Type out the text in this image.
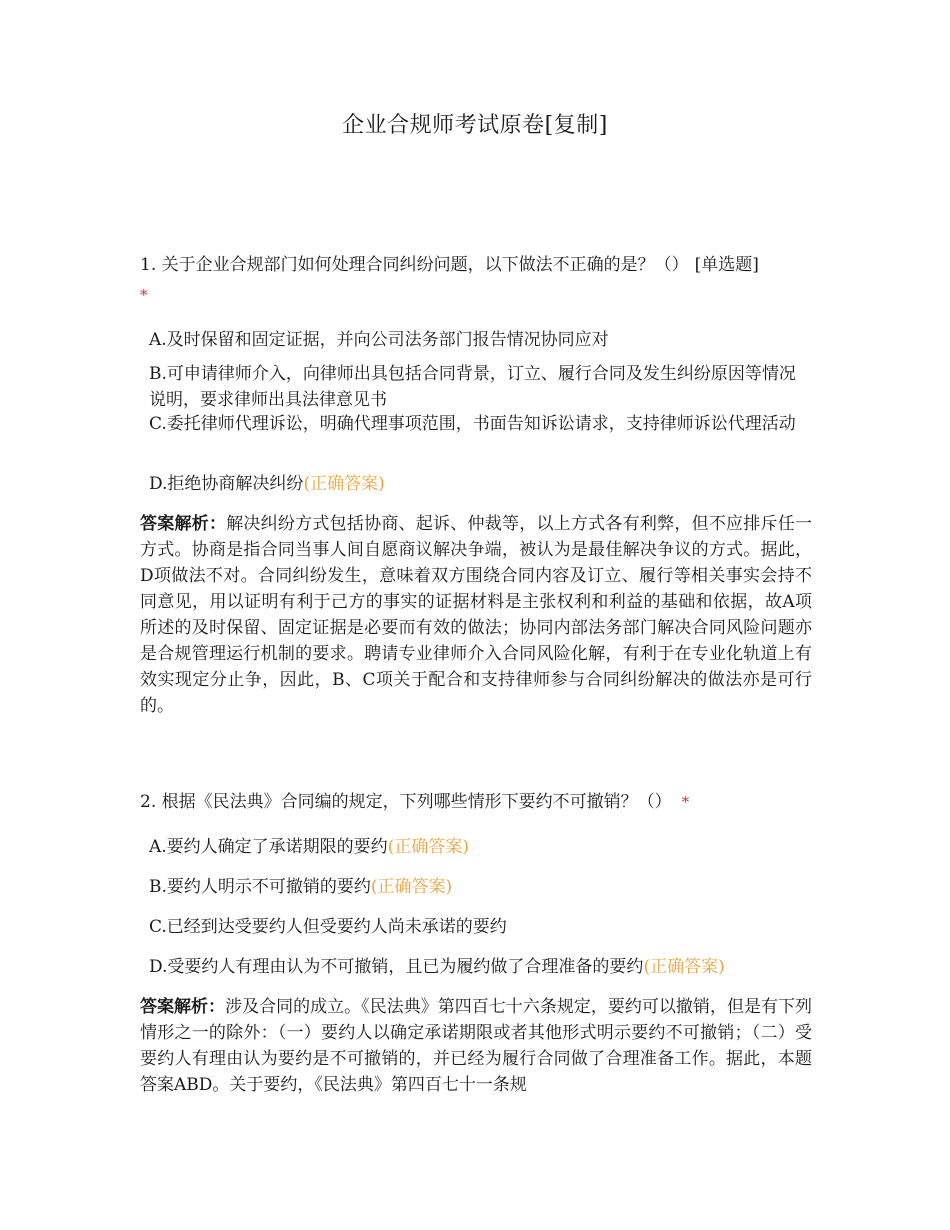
企业合规师考试原卷[复制]
1. 关于企业合规部门如何处理合同纠纷问题，以下做法不正确的是？（） [单选题]
*
A.及时保留和固定证据，并向公司法务部门报告情况协同应对
B.可申请律师介入，向律师出具包括合同背景，订立、履行合同及发生纠纷原因等情况说明，要求律师出具法律意见书
C.委托律师代理诉讼，明确代理事项范围，书面告知诉讼请求，支持律师诉讼代理活动
D.拒绝协商解决纠纷(正确答案)
答案解析：解决纠纷方式包括协商、起诉、仲裁等，以上方式各有利弊，但不应排斥任一方式。协商是指合同当事人间自愿商议解决争端，被认为是最佳解决争议的方式。据此，D项做法不对。合同纠纷发生，意味着双方围绕合同内容及订立、履行等相关事实会持不同意见，用以证明有利于己方的事实的证据材料是主张权利和利益的基础和依据，故A项所述的及时保留、固定证据是必要而有效的做法；协同内部法务部门解决合同风险问题亦是合规管理运行机制的要求。聘请专业律师介入合同风险化解，有利于在专业化轨道上有效实现定分止争，因此，B、C项关于配合和支持律师参与合同纠纷解决的做法亦是可行的。
2. 根据《民法典》合同编的规定，下列哪些情形下要约不可撤销？（） *
A.要约人确定了承诺期限的要约(正确答案)
B.要约人明示不可撤销的要约(正确答案)
C.已经到达受要约人但受要约人尚未承诺的要约
D.受要约人有理由认为不可撤销，且已为履约做了合理准备的要约(正确答案)
答案解析：涉及合同的成立。《民法典》第四百七十六条规定，要约可以撤销，但是有下列情形之一的除外：（一）要约人以确定承诺期限或者其他形式明示要约不可撤销；（二）受要约人有理由认为要约是不可撤销的，并已经为履行合同做了合理准备工作。据此，本题答案ABD。关于要约，《民法典》第四百七十一条规
